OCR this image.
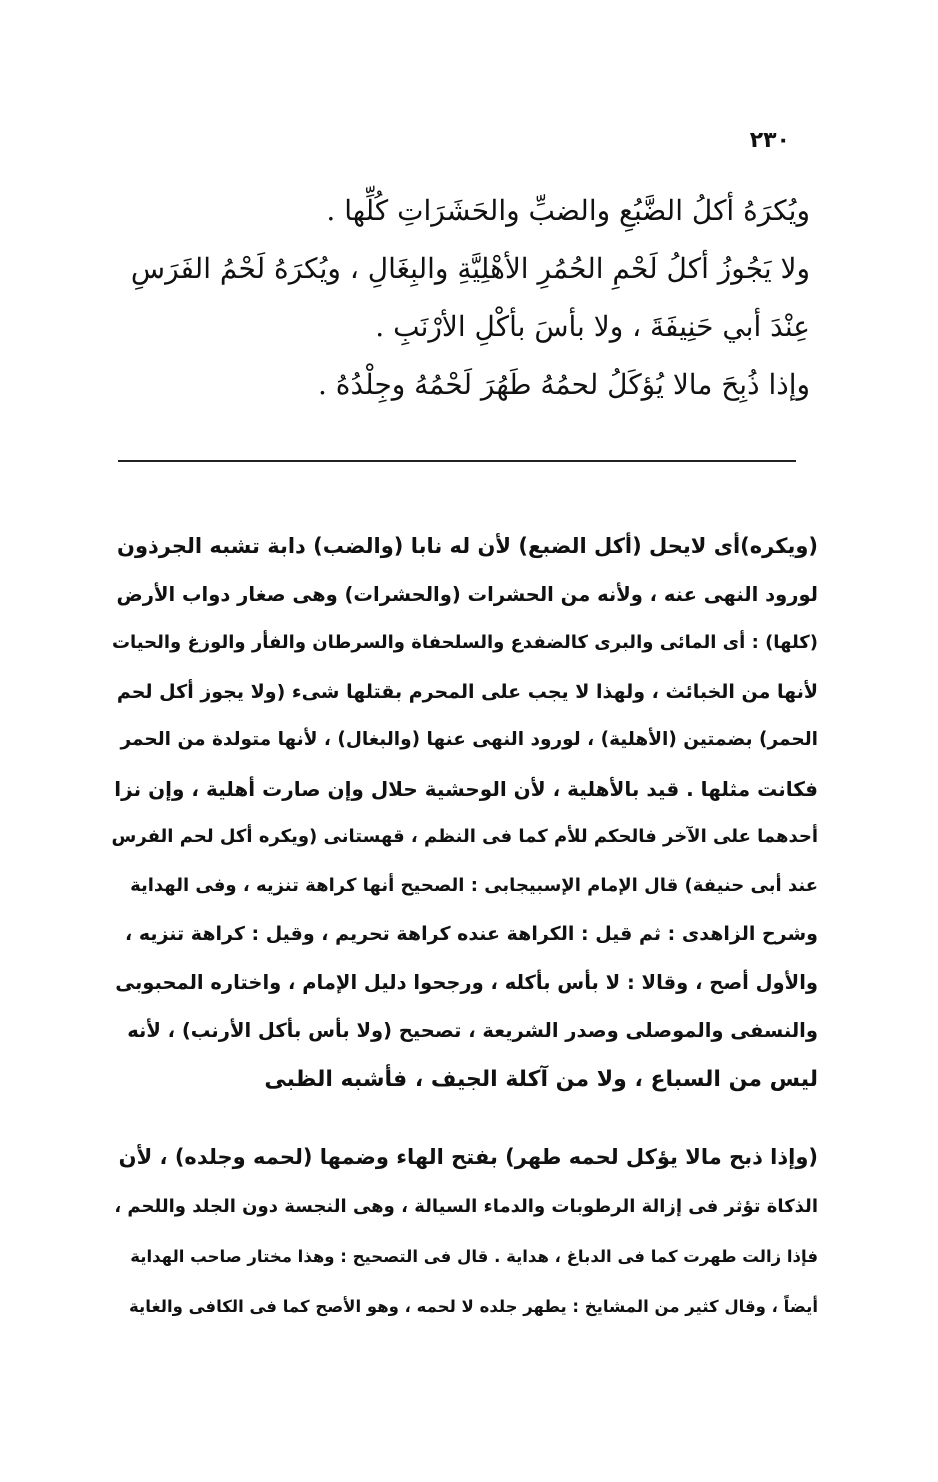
٢٣٠
ويُكرَهُ أكلُ الضَّبُعِ والضبِّ والحَشَرَاتِ كُلِّها .
ولا يَجُوزُ أكلُ لَحْمِ الحُمُرِ الأهْلِيَّةِ والبِغَالِ ، ويُكرَهُ لَحْمُ الفَرَسِ
عِنْدَ أبي حَنِيفَةَ ، ولا بأسَ بأكْلِ الأرْنَبِ .
وإذا ذُبِحَ مالا يُؤكَلُ لحمُهُ طَهُرَ لَحْمُهُ وجِلْدُهُ .
(ويكره)أى لايحل (أكل الضبع) لأن له نابا (والضب) دابة تشبه الجرذون
لورود النهى عنه ، ولأنه من الحشرات (والحشرات) وهى صغار دواب الأرض
(كلها) : أى المائى والبرى كالضفدع والسلحفاة والسرطان والفأر والوزغ والحيات
لأنها من الخبائث ، ولهذا لا يجب على المحرم بقتلها شىء (ولا يجوز أكل لحم
الحمر) بضمتين (الأهلية) ، لورود النهى عنها (والبغال) ، لأنها متولدة من الحمر
فكانت مثلها . قيد بالأهلية ، لأن الوحشية حلال وإن صارت أهلية ، وإن نزا
أحدهما على الآخر فالحكم للأم كما فى النظم ، قهستانى (ويكره أكل لحم الفرس
عند أبى حنيفة) قال الإمام الإسبيجابى : الصحيح أنها كراهة تنزيه ، وفى الهداية
وشرح الزاهدى : ثم قيل : الكراهة عنده كراهة تحريم ، وقيل : كراهة تنزيه ،
والأول أصح ، وقالا : لا بأس بأكله ، ورجحوا دليل الإمام ، واختاره المحبوبى
والنسفى والموصلى وصدر الشريعة ، تصحيح (ولا بأس بأكل الأرنب) ، لأنه
ليس من السباع ، ولا من آكلة الجيف ، فأشبه الظبى
(وإذا ذبح مالا يؤكل لحمه طهر) بفتح الهاء وضمها (لحمه وجلده) ، لأن
الذكاة تؤثر فى إزالة الرطوبات والدماء السيالة ، وهى النجسة دون الجلد واللحم ،
فإذا زالت طهرت كما فى الدباغ ، هداية . قال فى التصحيح : وهذا مختار صاحب الهداية
أيضاً ، وقال كثير من المشايخ : يطهر جلده لا لحمه ، وهو الأصح كما فى الكافى والغاية
